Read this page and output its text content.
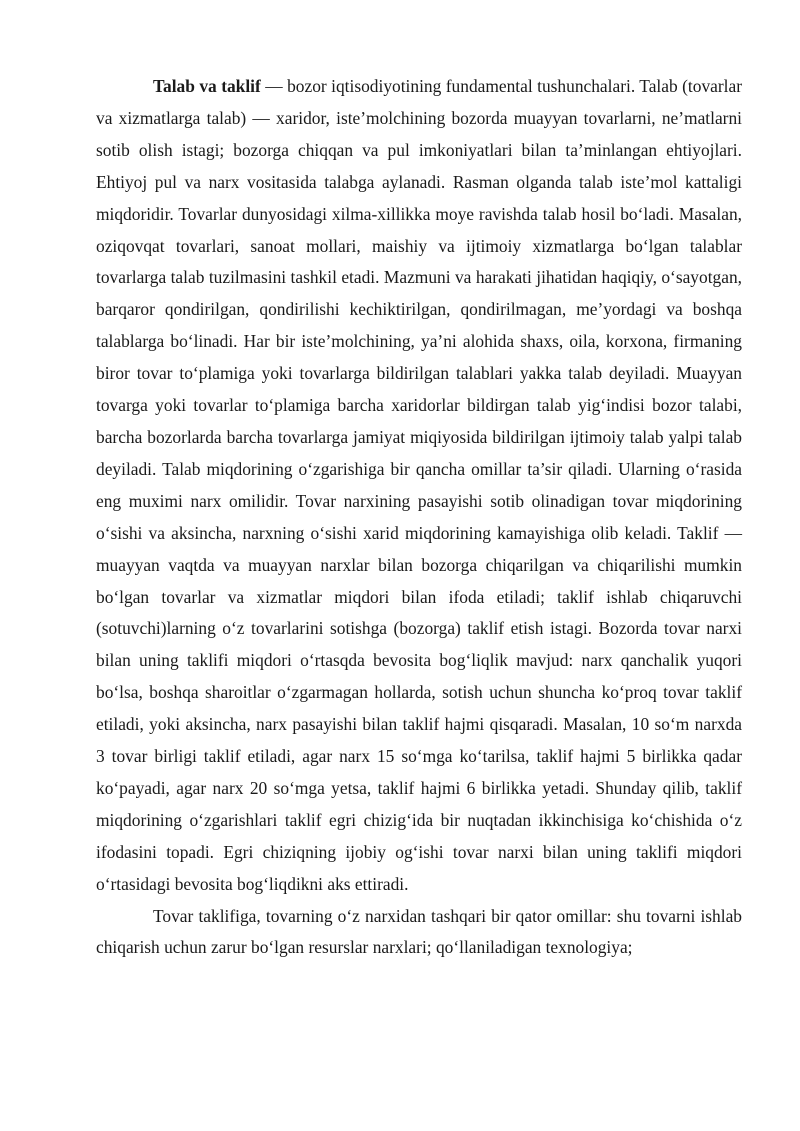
Talab va taklif — bozor iqtisodiyotining fundamental tushunchalari. Talab (tovarlar va xizmatlarga talab) — xaridor, iste’molchining bozorda muayyan tovarlarni, ne’matlarni sotib olish istagi; bozorga chiqqan va pul imkoniyatlari bilan ta’minlangan ehtiyojlari. Ehtiyoj pul va narx vositasida talabga aylanadi. Rasman olganda talab iste’mol kattaligi miqdoridir. Tovarlar dunyosidagi xilma-xillikka moye ravishda talab hosil bo‘ladi. Masalan, oziqovqat tovarlari, sanoat mollari, maishiy va ijtimoiy xizmatlarga bo‘lgan talablar tovarlarga talab tuzilmasini tashkil etadi. Mazmuni va harakati jihatidan haqiqiy, o‘sayotgan, barqaror qondirilgan, qondirilishi kechiktirilgan, qondirilmagan, me’yordagi va boshqa talablarga bo‘linadi. Har bir iste’molchining, ya’ni alohida shaxs, oila, korxona, firmaning biror tovar to‘plamiga yoki tovarlarga bildirilgan talablari yakka talab deyiladi. Muayyan tovarga yoki tovarlar to‘plamiga barcha xaridorlar bildirgan talab yig‘indisi bozor talabi, barcha bozorlarda barcha tovarlarga jamiyat miqiyosida bildirilgan ijtimoiy talab yalpi talab deyiladi. Talab miqdorining o‘zgarishiga bir qancha omillar ta’sir qiladi. Ularning o‘rasida eng muximi narx omilidir. Tovar narxining pasayishi sotib olinadigan tovar miqdorining o‘sishi va aksincha, narxning o‘sishi xarid miqdorining kamayishiga olib keladi. Taklif — muayyan vaqtda va muayyan narxlar bilan bozorga chiqarilgan va chiqarilishi mumkin bo‘lgan tovarlar va xizmatlar miqdori bilan ifoda etiladi; taklif ishlab chiqaruvchi (sotuvchi)larning o‘z tovarlarini sotishga (bozorga) taklif etish istagi. Bozorda tovar narxi bilan uning taklifi miqdori o‘rtasqda bevosita bog‘liqlik mavjud: narx qanchalik yuqori bo‘lsa, boshqa sharoitlar o‘zgarmagan hollarda, sotish uchun shuncha ko‘proq tovar taklif etiladi, yoki aksincha, narx pasayishi bilan taklif hajmi qisqaradi. Masalan, 10 so‘m narxda 3 tovar birligi taklif etiladi, agar narx 15 so‘mga ko‘tarilsa, taklif hajmi 5 birlikka qadar ko‘payadi, agar narx 20 so‘mga yetsa, taklif hajmi 6 birlikka yetadi. Shunday qilib, taklif miqdorining o‘zgarishlari taklif egri chizig‘ida bir nuqtadan ikkinchisiga ko‘chishida o‘z ifodasini topadi. Egri chiziqning ijobiy og‘ishi tovar narxi bilan uning taklifi miqdori o‘rtasidagi bevosita bog‘liqdikni aks ettiradi.

Tovar taklifiga, tovarning o‘z narxidan tashqari bir qator omillar: shu tovarni ishlab chiqarish uchun zarur bo‘lgan resurslar narxlari; qo‘llaniladigan texnologiya;
